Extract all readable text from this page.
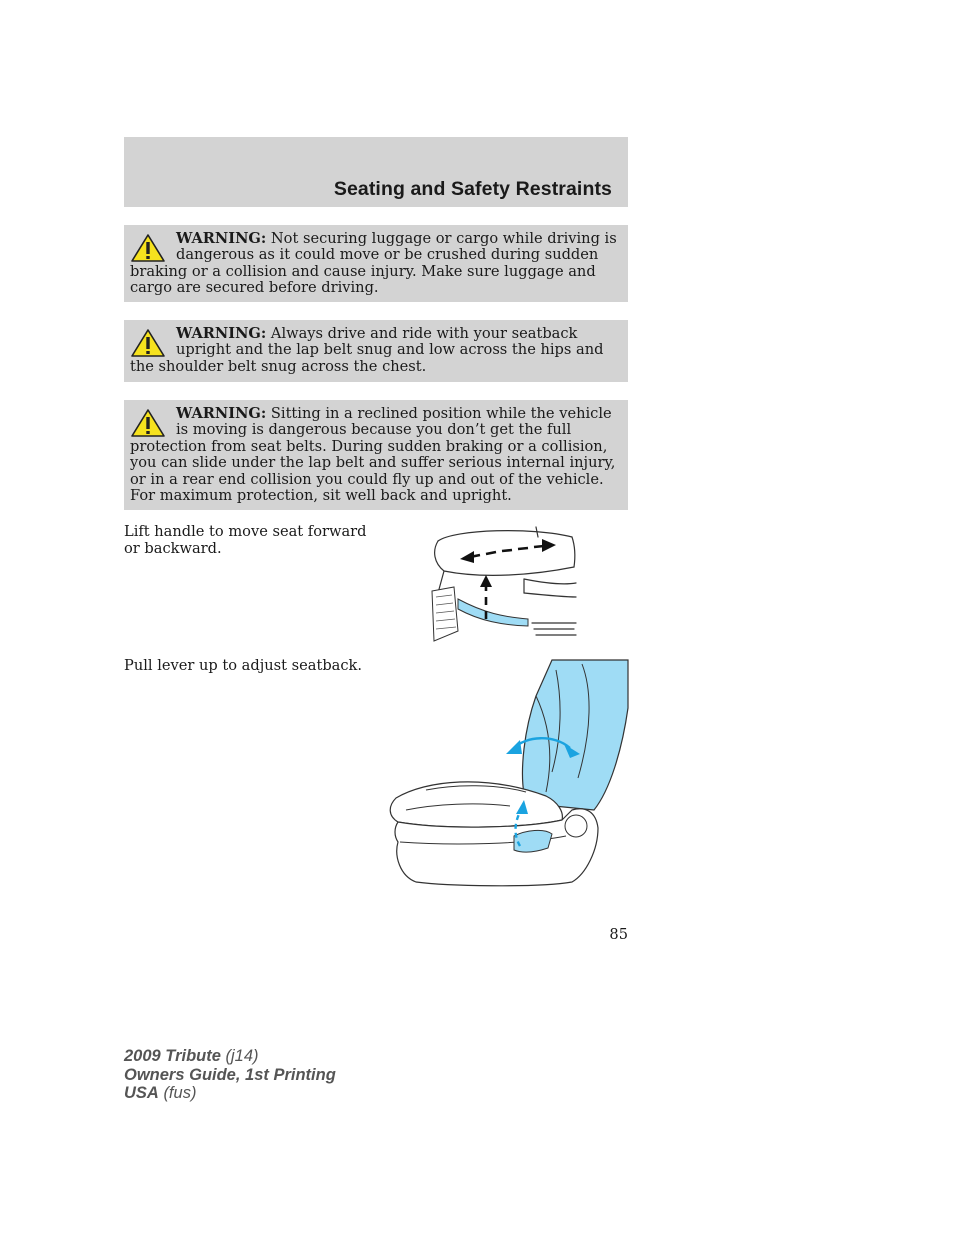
Seating and Safety Restraints
WARNING: Not securing luggage or cargo while driving is dangerous as it could move or be crushed during sudden braking or a collision and cause injury. Make sure luggage and cargo are secured before driving.
WARNING: Always drive and ride with your seatback upright and the lap belt snug and low across the hips and the shoulder belt snug across the chest.
WARNING: Sitting in a reclined position while the vehicle is moving is dangerous because you don’t get the full protection from seat belts. During sudden braking or a collision, you can slide under the lap belt and suffer serious internal injury, or in a rear end collision you could fly up and out of the vehicle. For maximum protection, sit well back and upright.
Lift handle to move seat forward or backward.
Pull lever up to adjust seatback.
85
2009 Tribute (j14)
Owners Guide, 1st Printing
USA (fus)
